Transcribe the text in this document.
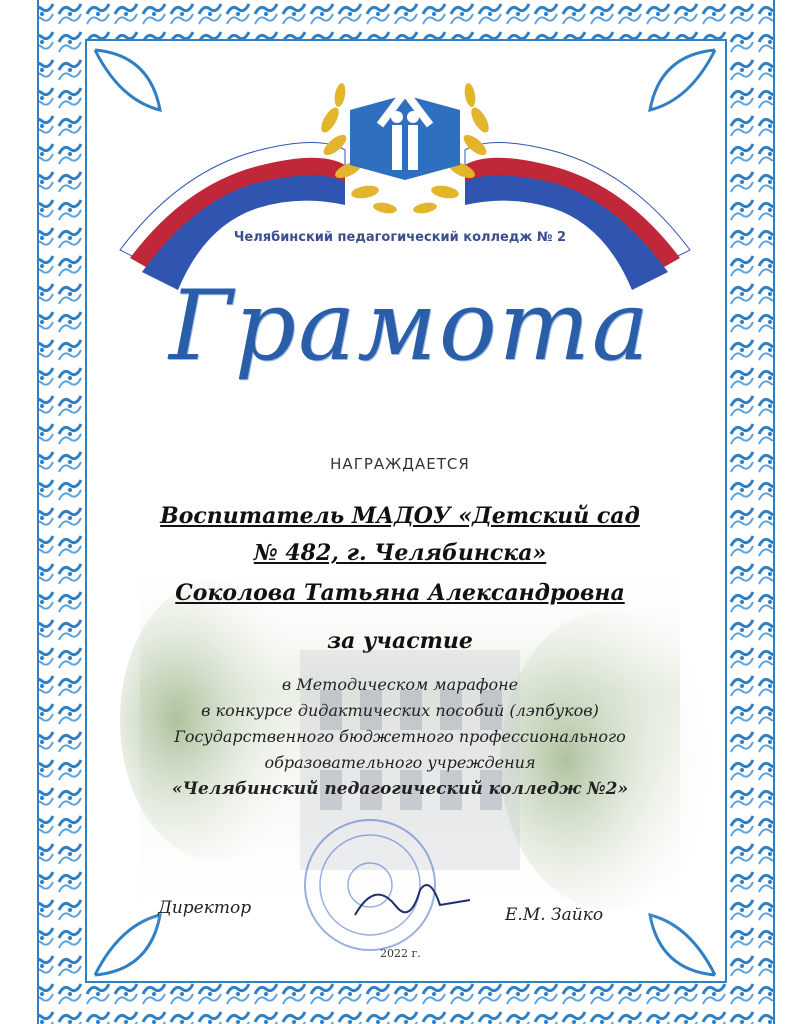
Челябинский педагогический колледж № 2
Грамота
НАГРАЖДАЕТСЯ
Воспитатель МАДОУ «Детский сад
№ 482, г. Челябинска»
Соколова Татьяна Александровна
за участие
в Методическом марафоне
в конкурсе дидактических пособий (лэпбуков)
Государственного бюджетного профессионального
образовательного учреждения
«Челябинский педагогический колледж №2»
Директор	Е.М. Зайко
2022 г.
